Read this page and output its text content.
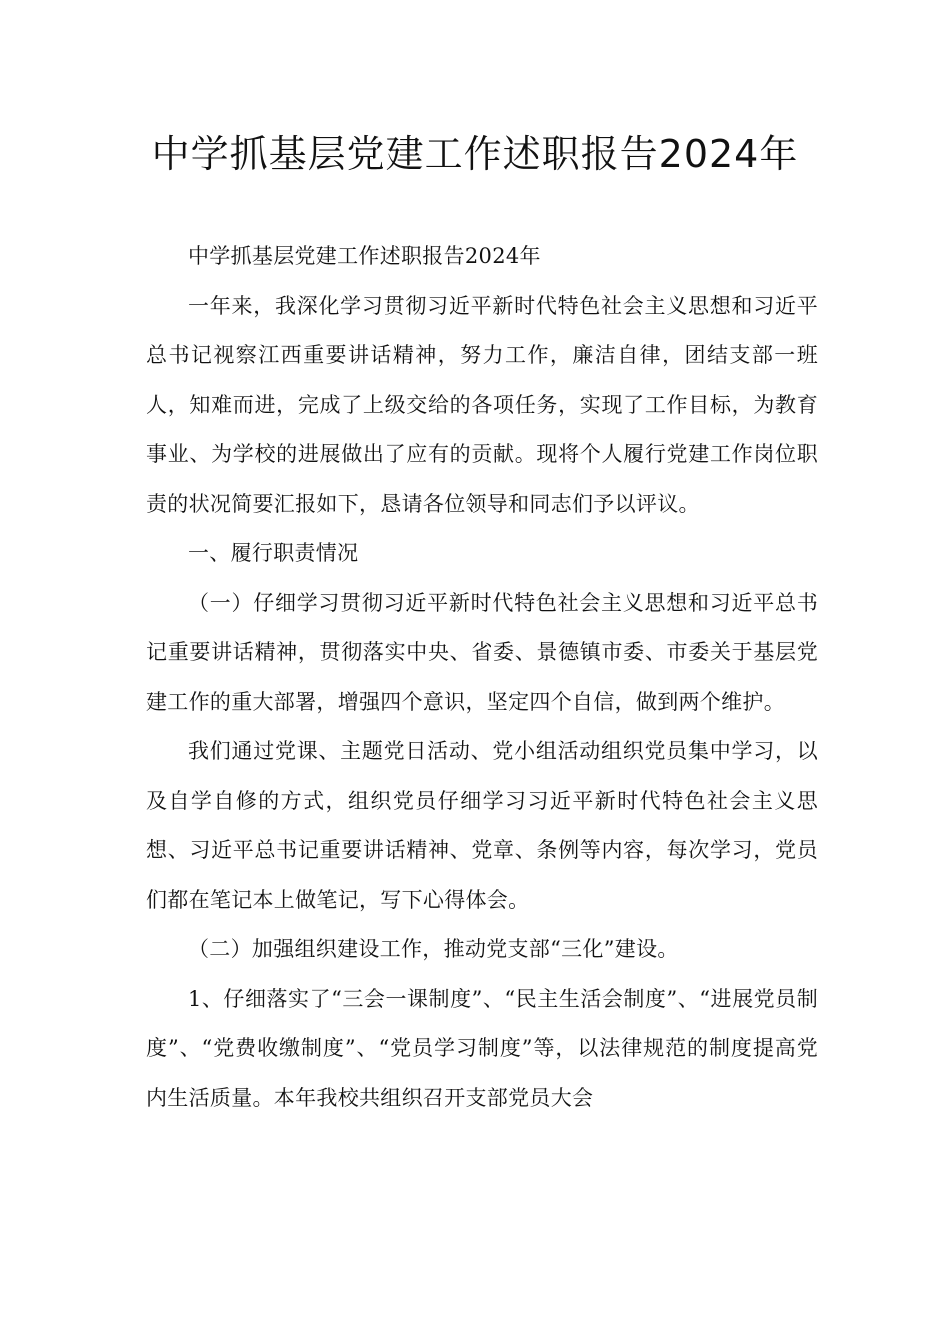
中学抓基层党建工作述职报告2024年

中学抓基层党建工作述职报告2024年

一年来，我深化学习贯彻习近平新时代特色社会主义思想和习近平总书记视察江西重要讲话精神，努力工作，廉洁自律，团结支部一班人，知难而进，完成了上级交给的各项任务，实现了工作目标，为教育事业、为学校的进展做出了应有的贡献。现将个人履行党建工作岗位职责的状况简要汇报如下，恳请各位领导和同志们予以评议。

一、履行职责情况

（一）仔细学习贯彻习近平新时代特色社会主义思想和习近平总书记重要讲话精神，贯彻落实中央、省委、景德镇市委、市委关于基层党建工作的重大部署，增强四个意识，坚定四个自信，做到两个维护。

我们通过党课、主题党日活动、党小组活动组织党员集中学习，以及自学自修的方式，组织党员仔细学习习近平新时代特色社会主义思想、习近平总书记重要讲话精神、党章、条例等内容，每次学习，党员们都在笔记本上做笔记，写下心得体会。

（二）加强组织建设工作，推动党支部“三化”建设。

1、仔细落实了“三会一课制度”、“民主生活会制度”、“进展党员制度”、“党费收缴制度”、“党员学习制度”等，以法律规范的制度提高党内生活质量。本年我校共组织召开支部党员大会
